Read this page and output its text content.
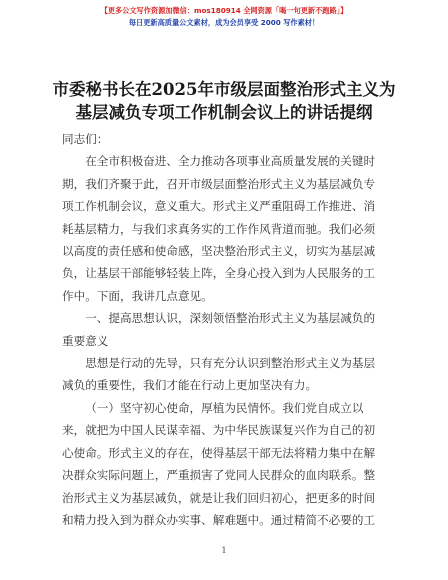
【更多公文写作资源加微信：mos180914 全网资源「喝一句更新不跑路」】
每日更新高质量公文素材，成为会员享受 2000 写作素材！
市委秘书长在2025年市级层面整治形式主义为
基层减负专项工作机制会议上的讲话提纲

同志们：

在全市积极奋进、全力推动各项事业高质量发展的关键时
期，我们齐聚于此，召开市级层面整治形式主义为基层减负专
项工作机制会议，意义重大。形式主义严重阻碍工作推进、消
耗基层精力，与我们求真务实的工作作风背道而驰。我们必须
以高度的责任感和使命感，坚决整治形式主义，切实为基层减
负，让基层干部能够轻装上阵，全身心投入到为人民服务的工
作中。下面，我讲几点意见。

一、提高思想认识，深刻领悟整治形式主义为基层减负的
重要意义

思想是行动的先导，只有充分认识到整治形式主义为基层
减负的重要性，我们才能在行动上更加坚决有力。

（一）坚守初心使命，厚植为民情怀。我们党自成立以
来，就把为中国人民谋幸福、为中华民族谋复兴作为自己的初
心使命。形式主义的存在，使得基层干部无法将精力集中在解
决群众实际问题上，严重损害了党同人民群众的血肉联系。整
治形式主义为基层减负，就是让我们回归初心，把更多的时间
和精力投入到为群众办实事、解难题中。通过精简不必要的工

1
